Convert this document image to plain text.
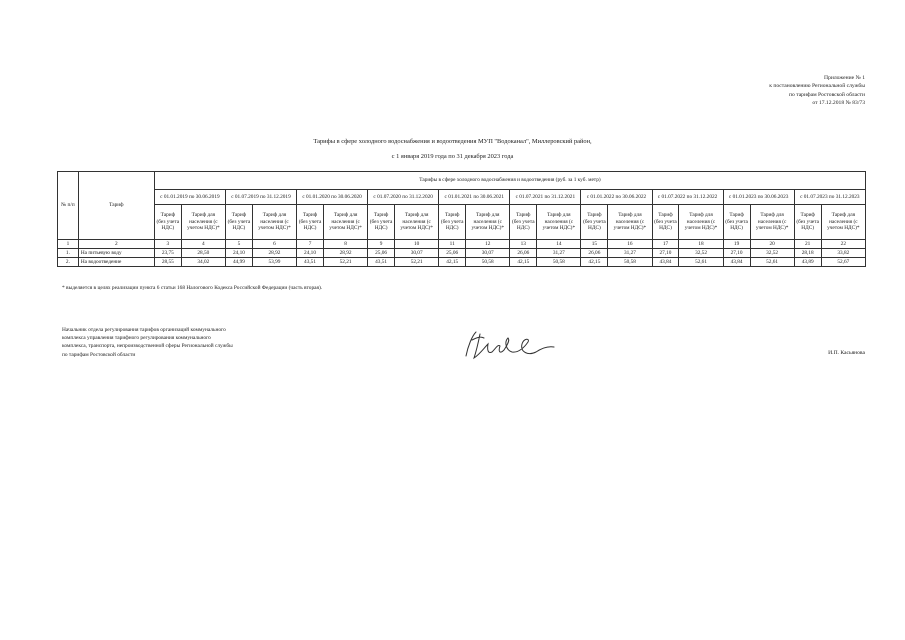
Приложение № 1
к постановлению Региональной службы
по тарифам Ростовской области
от 17.12.2018 № 83/73
Тарифы в сфере холодного водоснабжения и водоотведения МУП "Водоканал", Миллеровский район,
с 1 января 2019 года по 31 декабря 2023 года
№ п/п	Тариф	Тарифы в сфере холодного водоснабжения и водоотведения (руб. за 1 куб. метр)																			
		с 01.01.2019 по 30.06.2019		с 01.07.2019 по 31.12.2019		с 01.01.2020 по 30.06.2020		с 01.07.2020 по 31.12.2020		с 01.01.2021 по 30.06.2021		с 01.07.2021 по 31.12.2021		с 01.01.2022 по 30.06.2022		с 01.07.2022 по 31.12.2022		с 01.01.2023 по 30.06.2023		с 01.07.2023 по 31.12.2023	
		Тариф (без учета НДС)	Тариф для населения (с учетом НДС)*	Тариф (без учета НДС)	Тариф для населения (с учетом НДС)*	Тариф (без учета НДС)	Тариф для населения (с учетом НДС)*	Тариф (без учета НДС)	Тариф для населения (с учетом НДС)*	Тариф (без учета НДС)	Тариф для населения (с учетом НДС)*	Тариф (без учета НДС)	Тариф для населения (с учетом НДС)*	Тариф (без учета НДС)	Тариф для населения (с учетом НДС)*	Тариф (без учета НДС)	Тариф для населения (с учетом НДС)*	Тариф (без учета НДС)	Тариф для населения (с учетом НДС)*	Тариф (без учета НДС)	Тариф для населения (с учетом НДС)*
1	2	3	4	5	6	7	8	9	10	11	12	13	14	15	16	17	18	19	20	21	22
1.	На питьевую воду	23,75	28,50	24,10	28,92	24,10	28,92	25,06	30,07	25,06	30,07	26,06	31,27	26,06	31,27	27,10	32,52	27,10	32,52	28,18	33,82
2.	На водоотведение	28,55	34,02	44,99	53,99	43,51	52,21	43,51	52,21	42,15	50,58	42,15	50,58	42,15	50,58	43,84	52,61	43,84	52,61	43,89	52,67
* выделяется в целях реализации пункта 6 статьи 168 Налогового Кодекса Российской Федерации (часть вторая).
Начальник отдела регулирования тарифов организаций коммунального
комплекса управления тарифного регулирования коммунального
комплекса, транспорта, непроизводственной сферы Региональной службы
по тарифам Ростовской области	И.П. Касьянова
